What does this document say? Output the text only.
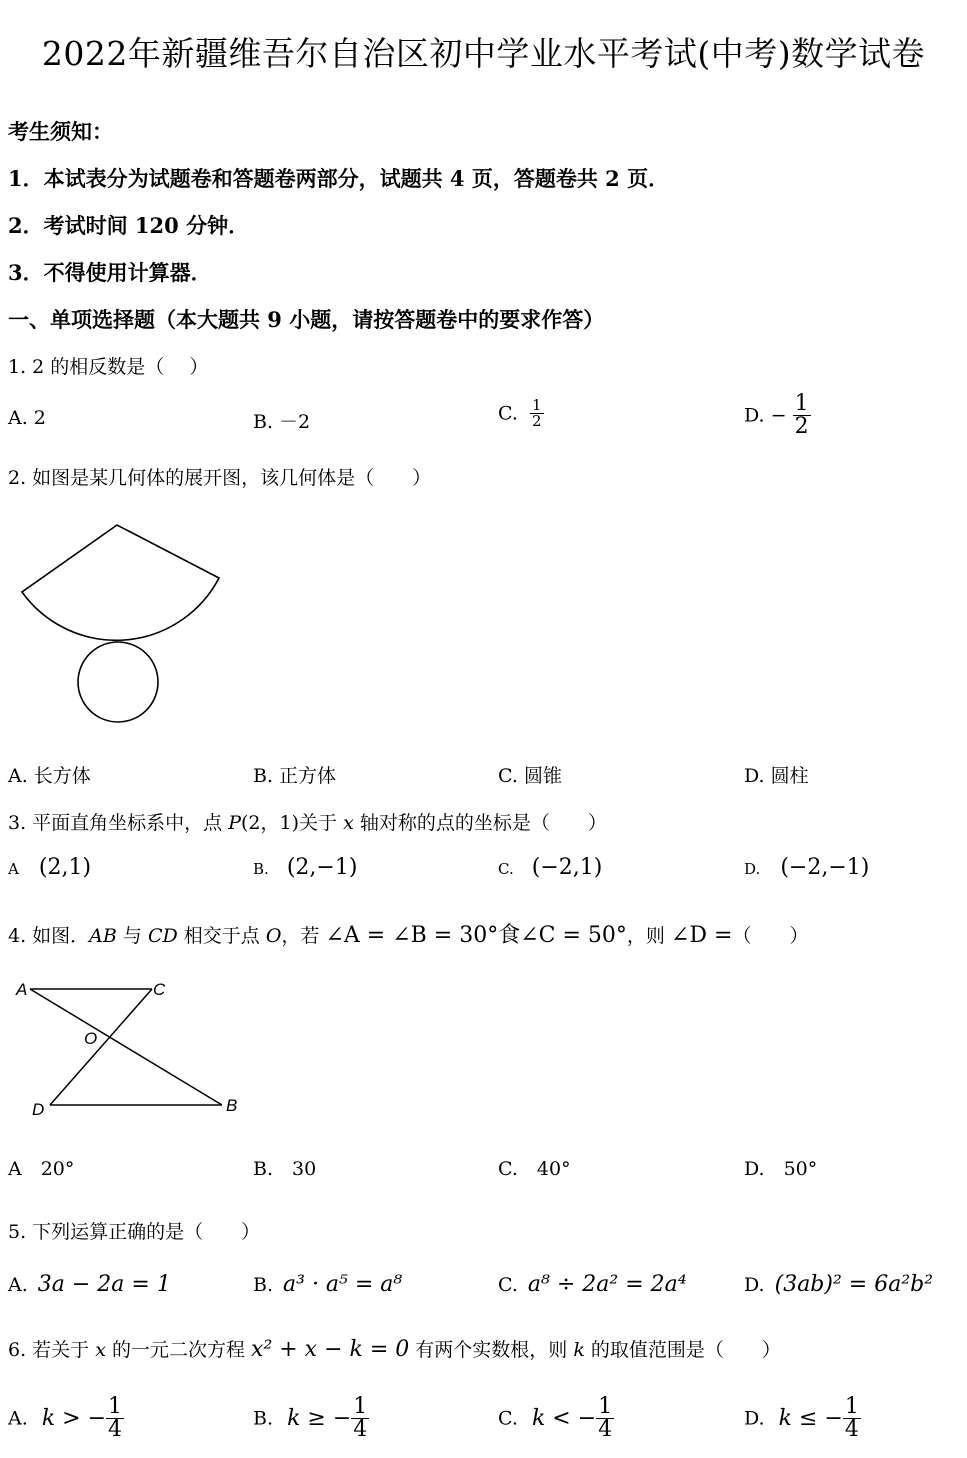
2022年新疆维吾尔自治区初中学业水平考试(中考)数学试卷
考生须知：
1．本试表分为试题卷和答题卷两部分，试题共 4 页，答题卷共 2 页．
2．考试时间 120 分钟．
3．不得使用计算器．
一、单项选择题（本大题共 9 小题，请按答题卷中的要求作答）
1. 2 的相反数是（　 ）
A. 2	B. －2	C. $\frac{1}{2}$	D. − $\frac{1}{2}$
2. 如图是某几何体的展开图，该几何体是（　　）
A. 长方体	B. 正方体	C. 圆锥	D. 圆柱
3. 平面直角坐标系中，点 P(2，1)关于 x 轴对称的点的坐标是（　　）
A (2,1)	B. (2,−1)	C. (−2,1)	D. (−2,−1)
4. 如图．AB 与 CD 相交于点 O，若 ∠A = ∠B = 30°食∠C = 50°，则 ∠D =（　　）
A	C
O
D	B
A　20°	B.　30	C.　40°	D.　50°
5. 下列运算正确的是（　　）
A. 3a − 2a = 1	B. a³ · a⁵ = a⁸	C. a⁸ ÷ 2a² = 2a⁴	D. (3ab)² = 6a²b²
6. 若关于 x 的一元二次方程 x² + x − k = 0 有两个实数根，则 k 的取值范围是（　　）
A. k > − $\frac{1}{4}$	B. k ≥ − $\frac{1}{4}$	C. k < − $\frac{1}{4}$	D. k ≤ − $\frac{1}{4}$
